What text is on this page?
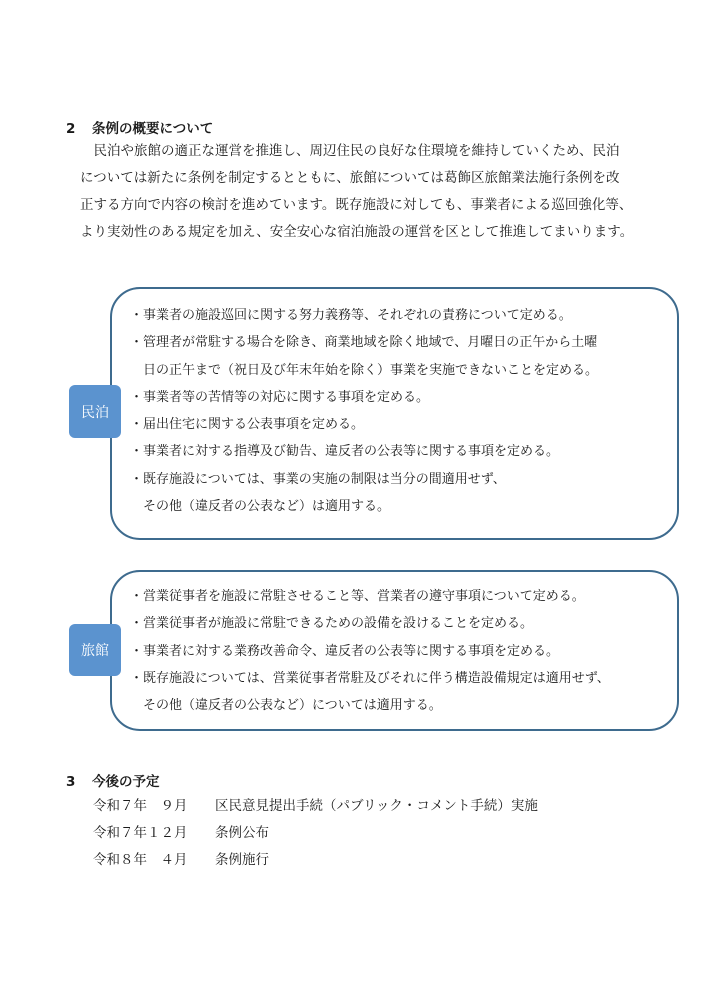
2 条例の概要について
　民泊や旅館の適正な運営を推進し、周辺住民の良好な住環境を維持していくため、民泊
については新たに条例を制定するとともに、旅館については葛飾区旅館業法施行条例を改
正する方向で内容の検討を進めています。既存施設に対しても、事業者による巡回強化等、
より実効性のある規定を加え、安全安心な宿泊施設の運営を区として推進してまいります。
民泊
・事業者の施設巡回に関する努力義務等、それぞれの責務について定める。
・管理者が常駐する場合を除き、商業地域を除く地域で、月曜日の正午から土曜
　日の正午まで（祝日及び年末年始を除く）事業を実施できないことを定める。
・事業者等の苦情等の対応に関する事項を定める。
・届出住宅に関する公表事項を定める。
・事業者に対する指導及び勧告、違反者の公表等に関する事項を定める。
・既存施設については、事業の実施の制限は当分の間適用せず、
　その他（違反者の公表など）は適用する。
旅館
・営業従事者を施設に常駐させること等、営業者の遵守事項について定める。
・営業従事者が施設に常駐できるための設備を設けることを定める。
・事業者に対する業務改善命令、違反者の公表等に関する事項を定める。
・既存施設については、営業従事者常駐及びそれに伴う構造設備規定は適用せず、
　その他（違反者の公表など）については適用する。
3 今後の予定
令和７年　９月 区民意見提出手続（パブリック・コメント手続）実施
令和７年１２月 条例公布
令和８年　４月 条例施行
